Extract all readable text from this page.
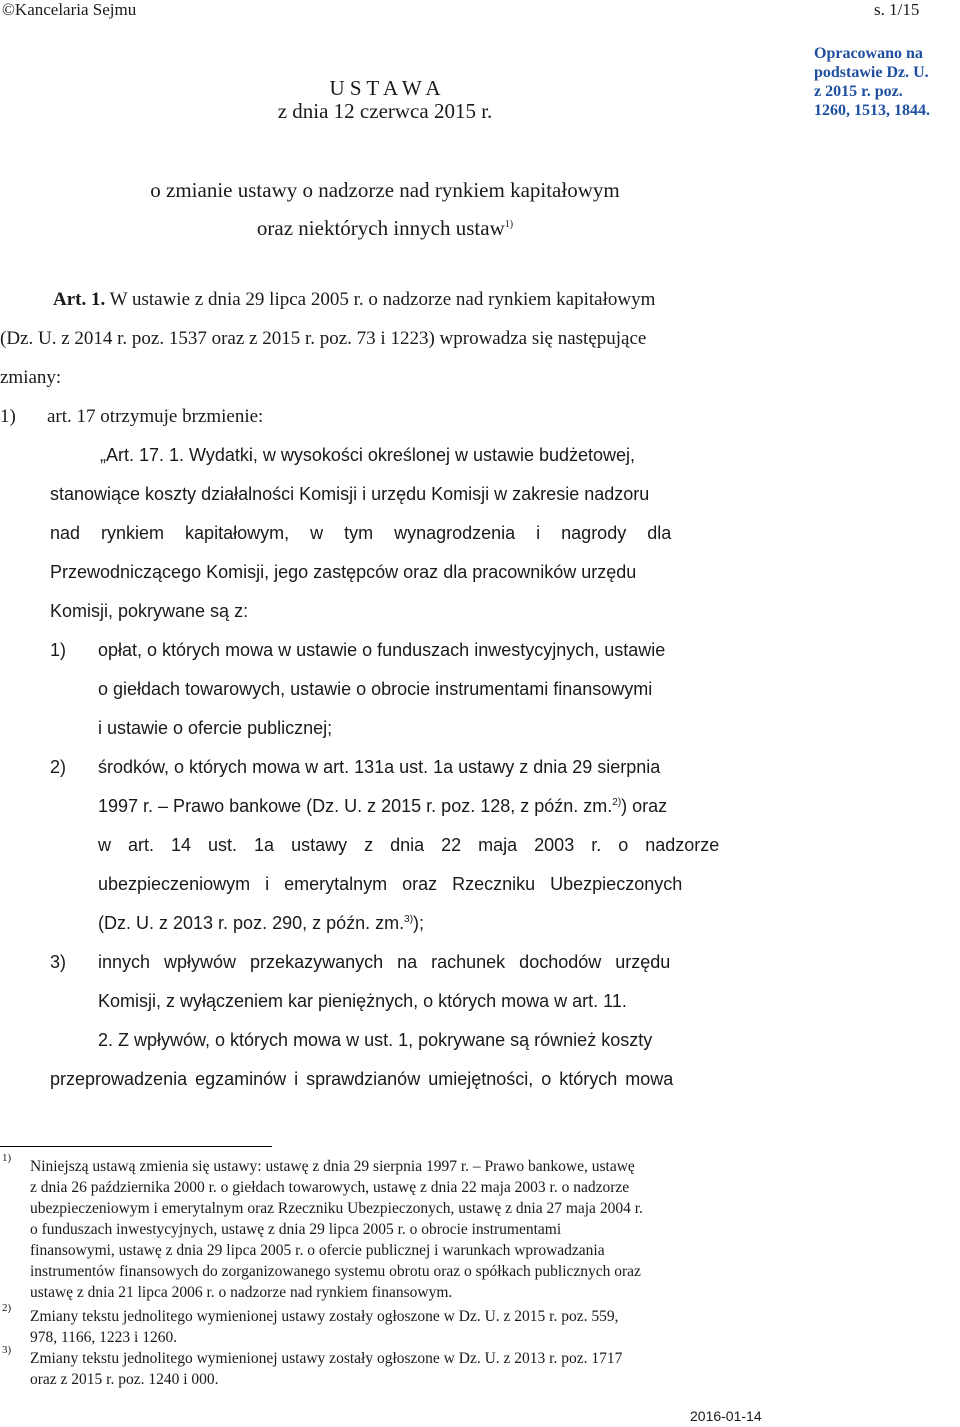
©Kancelaria Sejmu	s. 1/15
Opracowano na
podstawie Dz. U.
z 2015 r. poz.
1260, 1513, 1844.
U S T A W A
z dnia 12 czerwca 2015 r.
o zmianie ustawy o nadzorze nad rynkiem kapitałowym
oraz niektórych innych ustaw$^{1)}$
Art. 1. W ustawie z dnia 29 lipca 2005 r. o nadzorze nad rynkiem kapitałowym
(Dz. U. z 2014 r. poz. 1537 oraz z 2015 r. poz. 73 i 1223) wprowadza się następujące
zmiany:
1) art. 17 otrzymuje brzmienie:
„Art. 17. 1. Wydatki, w wysokości określonej w ustawie budżetowej,
stanowiące koszty działalności Komisji i urzędu Komisji w zakresie nadzoru
nad rynkiem kapitałowym, w tym wynagrodzenia i nagrody dla
Przewodniczącego Komisji, jego zastępców oraz dla pracowników urzędu
Komisji, pokrywane są z:
1) opłat, o których mowa w ustawie o funduszach inwestycyjnych, ustawie
o giełdach towarowych, ustawie o obrocie instrumentami finansowymi
i ustawie o ofercie publicznej;
2) środków, o których mowa w art. 131a ust. 1a ustawy z dnia 29 sierpnia
1997 r. – Prawo bankowe (Dz. U. z 2015 r. poz. 128, z późn. zm.$^{2)}$) oraz
w art. 14 ust. 1a ustawy z dnia 22 maja 2003 r. o nadzorze
ubezpieczeniowym i emerytalnym oraz Rzeczniku Ubezpieczonych
(Dz. U. z 2013 r. poz. 290, z późn. zm.$^{3)}$);
3) innych wpływów przekazywanych na rachunek dochodów urzędu
Komisji, z wyłączeniem kar pieniężnych, o których mowa w art. 11.
2. Z wpływów, o których mowa w ust. 1, pokrywane są również koszty
przeprowadzenia egzaminów i sprawdzianów umiejętności, o których mowa
1) Niniejszą ustawą zmienia się ustawy: ustawę z dnia 29 sierpnia 1997 r. – Prawo bankowe, ustawę
z dnia 26 października 2000 r. o giełdach towarowych, ustawę z dnia 22 maja 2003 r. o nadzorze
ubezpieczeniowym i emerytalnym oraz Rzeczniku Ubezpieczonych, ustawę z dnia 27 maja 2004 r.
o funduszach inwestycyjnych, ustawę z dnia 29 lipca 2005 r. o obrocie instrumentami
finansowymi, ustawę z dnia 29 lipca 2005 r. o ofercie publicznej i warunkach wprowadzania
instrumentów finansowych do zorganizowanego systemu obrotu oraz o spółkach publicznych oraz
ustawę z dnia 21 lipca 2006 r. o nadzorze nad rynkiem finansowym.
2) Zmiany tekstu jednolitego wymienionej ustawy zostały ogłoszone w Dz. U. z 2015 r. poz. 559,
978, 1166, 1223 i 1260.
3) Zmiany tekstu jednolitego wymienionej ustawy zostały ogłoszone w Dz. U. z 2013 r. poz. 1717
oraz z 2015 r. poz. 1240 i 000.
2016-01-14
